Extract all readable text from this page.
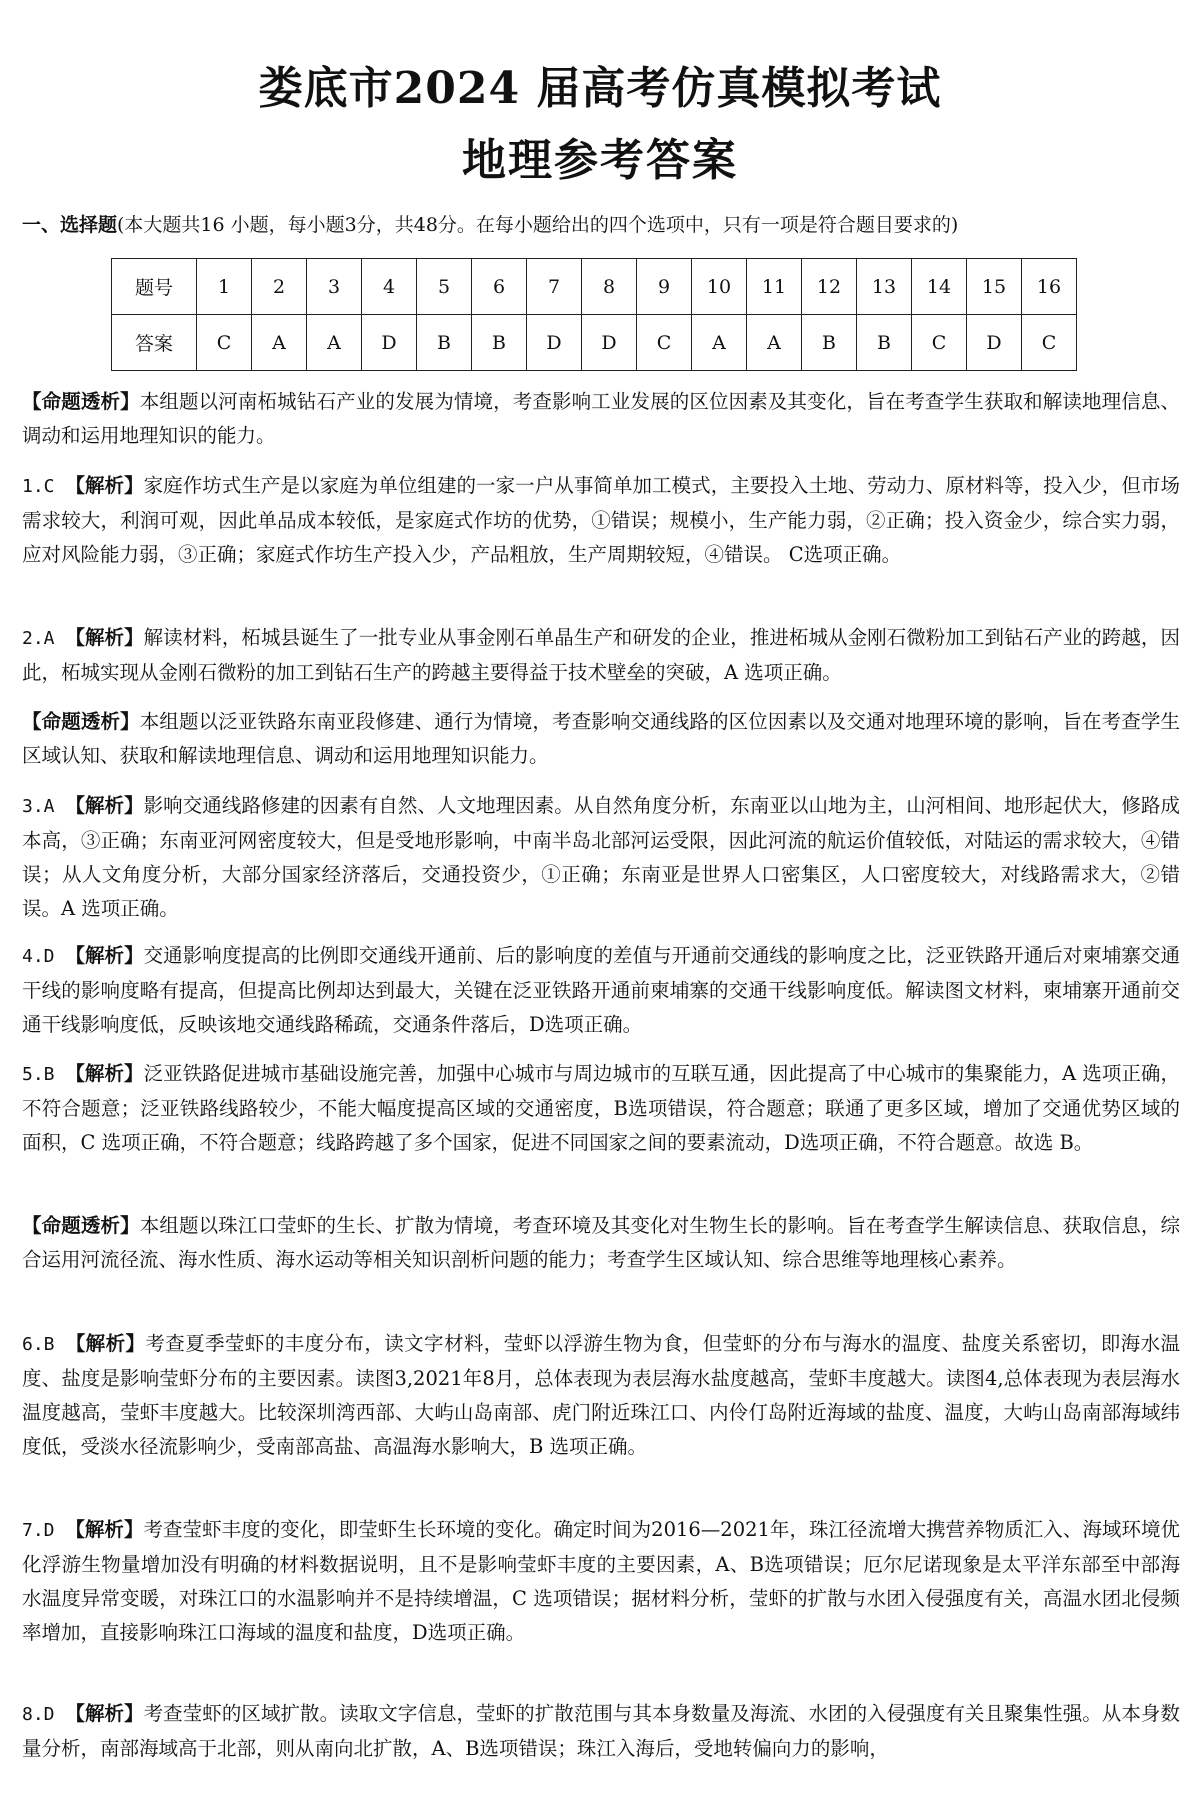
娄底市2024 届高考仿真模拟考试
地理参考答案
一、选择题(本大题共16 小题，每小题3分，共48分。在每小题给出的四个选项中，只有一项是符合题目要求的)
题号	1	2	3	4	5	6	7	8	9	10	11	12	13	14	15	16
答案	C	A	A	D	B	B	D	D	C	A	A	B	B	C	D	C
【命题透析】本组题以河南柘城钻石产业的发展为情境，考查影响工业发展的区位因素及其变化，旨在考查学生获取和解读地理信息、调动和运用地理知识的能力。
1.C 【解析】家庭作坊式生产是以家庭为单位组建的一家一户从事简单加工模式，主要投入土地、劳动力、原材料等，投入少，但市场需求较大，利润可观，因此单品成本较低，是家庭式作坊的优势，①错误；规模小，生产能力弱，②正确；投入资金少，综合实力弱，应对风险能力弱，③正确；家庭式作坊生产投入少，产品粗放，生产周期较短，④错误。 C选项正确。
2.A 【解析】解读材料，柘城县诞生了一批专业从事金刚石单晶生产和研发的企业，推进柘城从金刚石微粉加工到钻石产业的跨越，因此，柘城实现从金刚石微粉的加工到钻石生产的跨越主要得益于技术壁垒的突破，A 选项正确。
【命题透析】本组题以泛亚铁路东南亚段修建、通行为情境，考查影响交通线路的区位因素以及交通对地理环境的影响，旨在考查学生区域认知、获取和解读地理信息、调动和运用地理知识能力。
3.A 【解析】影响交通线路修建的因素有自然、人文地理因素。从自然角度分析，东南亚以山地为主，山河相间、地形起伏大，修路成本高，③正确；东南亚河网密度较大，但是受地形影响，中南半岛北部河运受限，因此河流的航运价值较低，对陆运的需求较大，④错误；从人文角度分析，大部分国家经济落后，交通投资少，①正确；东南亚是世界人口密集区，人口密度较大，对线路需求大，②错误。A 选项正确。
4.D 【解析】交通影响度提高的比例即交通线开通前、后的影响度的差值与开通前交通线的影响度之比，泛亚铁路开通后对柬埔寨交通干线的影响度略有提高，但提高比例却达到最大，关键在泛亚铁路开通前柬埔寨的交通干线影响度低。解读图文材料，柬埔寨开通前交通干线影响度低，反映该地交通线路稀疏，交通条件落后，D选项正确。
5.B 【解析】泛亚铁路促进城市基础设施完善，加强中心城市与周边城市的互联互通，因此提高了中心城市的集聚能力，A 选项正确，不符合题意；泛亚铁路线路较少，不能大幅度提高区域的交通密度，B选项错误，符合题意；联通了更多区域，增加了交通优势区域的面积，C 选项正确，不符合题意；线路跨越了多个国家，促进不同国家之间的要素流动，D选项正确，不符合题意。故选 B。
【命题透析】本组题以珠江口莹虾的生长、扩散为情境，考查环境及其变化对生物生长的影响。旨在考查学生解读信息、获取信息，综合运用河流径流、海水性质、海水运动等相关知识剖析问题的能力；考查学生区域认知、综合思维等地理核心素养。
6.B 【解析】考查夏季莹虾的丰度分布，读文字材料，莹虾以浮游生物为食，但莹虾的分布与海水的温度、盐度关系密切，即海水温度、盐度是影响莹虾分布的主要因素。读图3,2021年8月，总体表现为表层海水盐度越高，莹虾丰度越大。读图4,总体表现为表层海水温度越高，莹虾丰度越大。比较深圳湾西部、大屿山岛南部、虎门附近珠江口、内伶仃岛附近海域的盐度、温度，大屿山岛南部海域纬度低，受淡水径流影响少，受南部高盐、高温海水影响大，B 选项正确。
7.D 【解析】考查莹虾丰度的变化，即莹虾生长环境的变化。确定时间为2016—2021年，珠江径流增大携营养物质汇入、海域环境优化浮游生物量增加没有明确的材料数据说明，且不是影响莹虾丰度的主要因素，A、B选项错误；厄尔尼诺现象是太平洋东部至中部海水温度异常变暖，对珠江口的水温影响并不是持续增温，C 选项错误；据材料分析，莹虾的扩散与水团入侵强度有关，高温水团北侵频率增加，直接影响珠江口海域的温度和盐度，D选项正确。
8.D 【解析】考查莹虾的区域扩散。读取文字信息，莹虾的扩散范围与其本身数量及海流、水团的入侵强度有关且聚集性强。从本身数量分析，南部海域高于北部，则从南向北扩散，A、B选项错误；珠江入海后，受地转偏向力的影响，
